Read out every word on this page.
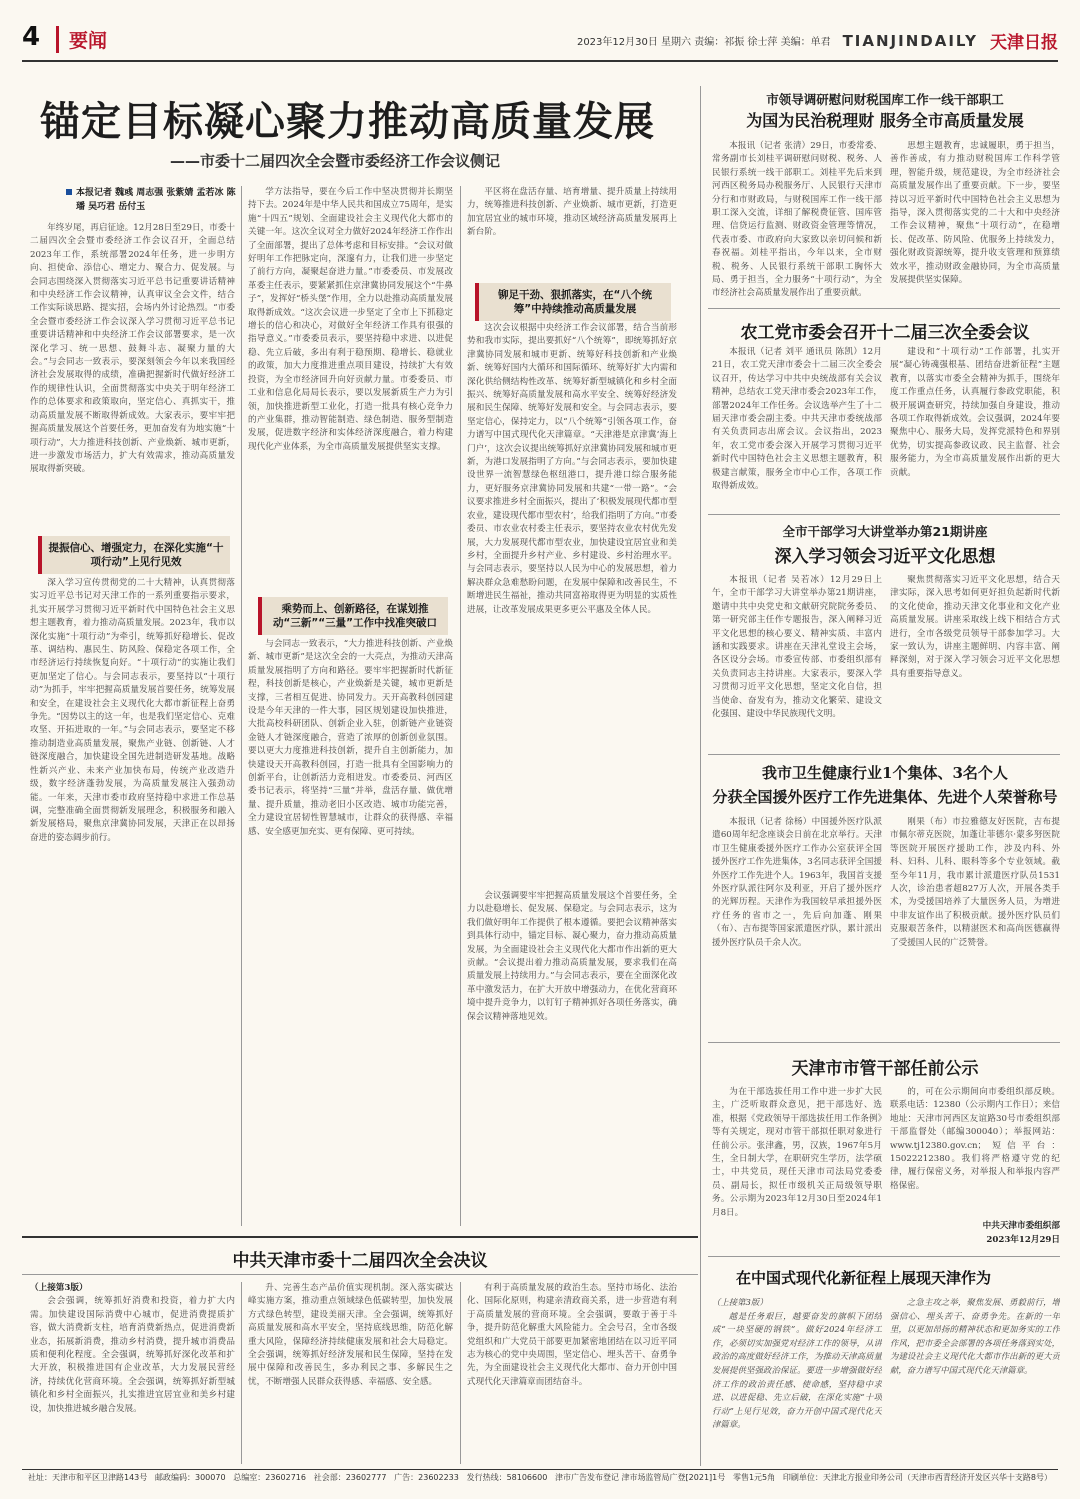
4	要闻	2023年12月30日 星期六 责编：祁振 徐士萍 美编：单君 TIANJINDAILY 天津日报
锚定目标凝心聚力推动高质量发展
——市委十二届四次全会暨市委经济工作会议侧记
本报记者 魏彧 周志强 张紫婧 孟若冰 陈璠 吴巧君 岳付玉

年终岁尾，再启征途。12月28日至29日，市委十二届四次全会暨市委经济工作会议召开，全面总结2023年工作，系统部署2024年任务，进一步明方向、担使命、添信心、增定力、聚合力、促发展。与会同志围绕深入贯彻落实习近平总书记重要讲话精神和中央经济工作会议精神，认真审议全会文件，结合工作实际谈思路、提实招，会场内外讨论热烈。“市委全会暨市委经济工作会议深入学习贯彻习近平总书记重要讲话精神和中央经济工作会议部署要求，是一次深化学习、统一思想、鼓舞斗志、凝聚力量的大会。”与会同志一致表示，要深刻领会今年以来我国经济社会发展取得的成绩，准确把握新时代做好经济工作的规律性认识，全面贯彻落实中央关于明年经济工作的总体要求和政策取向，坚定信心、真抓实干，推动高质量发展不断取得新成效。大家表示，要牢牢把握高质量发展这个首要任务，更加奋发有为地实施“十项行动”，大力推进科技创新、产业焕新、城市更新，进一步激发市场活力，扩大有效需求，推动高质量发展取得新突破。

提振信心、增强定力，在深化实施“十项行动”上见行见效

深入学习宣传贯彻党的二十大精神，认真贯彻落实习近平总书记对天津工作的一系列重要指示要求，扎实开展学习贯彻习近平新时代中国特色社会主义思想主题教育，着力推动高质量发展。2023年，我市以深化实施“十项行动”为牵引，统筹抓好稳增长、促改革、调结构、惠民生、防风险、保稳定各项工作，全市经济运行持续恢复向好。“十项行动”的实施让我们更加坚定了信心。与会同志表示，要坚持以“十项行动”为抓手，牢牢把握高质量发展首要任务，统筹发展和安全，在建设社会主义现代化大都市新征程上奋勇争先。“因势以主的这一年，也是我们坚定信心、克难攻坚、开拓进取的一年。”与会同志表示，要坚定不移推动制造业高质量发展，聚焦产业链、创新链、人才链深度融合，加快建设全国先进制造研发基地。战略性新兴产业、未来产业加快布局，传统产业改造升级，数字经济蓬勃发展，为高质量发展注入强劲动能。一年来，天津市委市政府坚持稳中求进工作总基调，完整准确全面贯彻新发展理念，积极服务和融入新发展格局，聚焦京津冀协同发展，天津正在以昂扬奋进的姿态阔步前行。

学方法指导，要在今后工作中坚决贯彻并长期坚持下去。2024年是中华人民共和国成立75周年，是实施“十四五”规划、全面建设社会主义现代化大都市的关键一年。这次全议对全力做好2024年经济工作作出了全面部署，提出了总体考虑和目标安排。“会议对做好明年工作把脉定向，深邃有力，让我们进一步坚定了前行方向，凝聚起奋进力量。”市委委员、市发展改革委主任表示，要紧紧抓住京津冀协同发展这个“牛鼻子”，发挥好“桥头堡”作用，全力以赴推动高质量发展取得新成效。“这次会议进一步坚定了全市上下抓稳定增长的信心和决心，对做好全年经济工作具有很强的指导意义。”市委委员表示，要坚持稳中求进、以进促稳、先立后破，多出有利于稳预期、稳增长、稳就业的政策，加大力度推进重点项目建设，持续扩大有效投资，为全市经济回升向好贡献力量。市委委员、市工业和信息化局局长表示，要以发展新质生产力为引领，加快推进新型工业化，打造一批具有核心竞争力的产业集群，推动智能制造、绿色制造、服务型制造发展，促进数字经济和实体经济深度融合，着力构建现代化产业体系，为全市高质量发展提供坚实支撑。

乘势而上、创新路径，在谋划推动“三新”“三量”工作中找准突破口

与会同志一致表示，“大力推进科技创新、产业焕新、城市更新”是这次全会的一大亮点，为推动天津高质量发展指明了方向和路径。要牢牢把握新时代新征程，科技创新是核心，产业焕新是关键，城市更新是支撑，三者相互促进、协同发力。天开高教科创园建设是今年天津的一件大事，园区规划建设加快推进，大批高校科研团队、创新企业入驻，创新链产业链资金链人才链深度融合，营造了浓厚的创新创业氛围。要以更大力度推进科技创新，提升自主创新能力，加快建设天开高教科创园，打造一批具有全国影响力的创新平台，让创新活力竞相迸发。市委委员、河西区委书记表示，将坚持“三量”并举，盘活存量、做优增量、提升质量，推动老旧小区改造、城市功能完善，全力建设宜居韧性智慧城市，让群众的获得感、幸福感、安全感更加充实、更有保障、更可持续。

平区将在盘活存量、培育增量、提升质量上持续用力，统筹推进科技创新、产业焕新、城市更新，打造更加宜居宜业的城市环境，推动区域经济高质量发展再上新台阶。

铆足干劲、狠抓落实，在“八个统筹”中持续推动高质量发展

这次会议根据中央经济工作会议部署，结合当前形势和我市实际，提出要抓好“八个统筹”，即统筹抓好京津冀协同发展和城市更新、统筹好科技创新和产业焕新、统筹好国内大循环和国际循环、统筹好扩大内需和深化供给侧结构性改革、统筹好新型城镇化和乡村全面振兴、统筹好高质量发展和高水平安全、统筹好经济发展和民生保障、统筹好发展和安全。与会同志表示，要坚定信心，保持定力，以“八个统筹”引领各项工作，奋力谱写中国式现代化天津篇章。“天津港是京津冀‘海上门户’，这次会议提出统筹抓好京津冀协同发展和城市更新，为港口发展指明了方向。”与会同志表示，要加快建设世界一流智慧绿色枢纽港口，提升港口综合服务能力，更好服务京津冀协同发展和共建“一带一路”。“会议要求推进乡村全面振兴，提出了‘积极发展现代都市型农业，建设现代都市型农村’，给我们指明了方向。”市委委员、市农业农村委主任表示，要坚持农业农村优先发展，大力发展现代都市型农业，加快建设宜居宜业和美乡村，全面提升乡村产业、乡村建设、乡村治理水平。与会同志表示，要坚持以人民为中心的发展思想，着力解决群众急难愁盼问题，在发展中保障和改善民生，不断增进民生福祉，推动共同富裕取得更为明显的实质性进展，让改革发展成果更多更公平惠及全体人民。

会议强调要牢牢把握高质量发展这个首要任务，全力以赴稳增长、促发展、保稳定。与会同志表示，这为我们做好明年工作提供了根本遵循。要把会议精神落实到具体行动中，锚定目标、凝心聚力，奋力推动高质量发展，为全面建设社会主义现代化大都市作出新的更大贡献。“会议提出着力推动高质量发展，要求我们在高质量发展上持续用力。”与会同志表示，要在全面深化改革中激发活力，在扩大开放中增强动力，在优化营商环境中提升竞争力，以钉钉子精神抓好各项任务落实，确保会议精神落地见效。

市领导调研慰问财税国库工作一线干部职工
为国为民治税理财 服务全市高质量发展

本报讯（记者 张清）29日，市委常委、常务副市长刘桂平调研慰问财税、税务、人民银行系统一线干部职工。刘桂平先后来到河西区税务局办税服务厅、人民银行天津市分行和市财政局，与财税国库工作一线干部职工深入交流，详细了解税费征管、国库管理、信贷运行监测、财政资金管理等情况，代表市委、市政府向大家致以亲切问候和新春祝福。刘桂平指出，今年以来，全市财税、税务、人民银行系统干部职工胸怀大局、勇于担当，全力服务“十项行动”，为全市经济社会高质量发展作出了重要贡献。

思想主题教育，忠诚履职，勇于担当，善作善成，有力推动财税国库工作科学管理，智能升级，规范建设，为全市经济社会高质量发展作出了重要贡献。下一步，要坚持以习近平新时代中国特色社会主义思想为指导，深入贯彻落实党的二十大和中央经济工作会议精神，聚焦“十项行动”，在稳增长、促改革、防风险、优服务上持续发力，强化财政资源统筹，提升收支管理和预算绩效水平，推动财政金融协同，为全市高质量发展提供坚实保障。

农工党市委会召开十二届三次全委会议

本报讯（记者 刘平 通讯员 陈凯）12月21日，农工党天津市委会十二届三次全委会议召开，传达学习中共中央统战部有关会议精神，总结农工党天津市委会2023年工作，部署2024年工作任务。会议选举产生了十二届天津市委会副主委。中共天津市委统战部有关负责同志出席会议。会议指出，2023年，农工党市委会深入开展学习贯彻习近平新时代中国特色社会主义思想主题教育，积极建言献策，服务全市中心工作，各项工作取得新成效。

建设和“十项行动”工作部署，扎实开展“凝心铸魂强根基、团结奋进新征程”主题教育，以落实市委全会精神为抓手，围绕年度工作重点任务，认真履行参政党职能，积极开展调查研究，持续加强自身建设，推动各项工作取得新成效。会议强调，2024年要聚焦中心、服务大局，发挥党派特色和界别优势，切实提高参政议政、民主监督、社会服务能力，为全市高质量发展作出新的更大贡献。

全市干部学习大讲堂举办第21期讲座
深入学习领会习近平文化思想

本报讯（记者 吴若冰）12月29日上午，全市干部学习大讲堂举办第21期讲座，邀请中共中央党史和文献研究院院务委员、第一研究部主任作专题报告，深入阐释习近平文化思想的核心要义、精神实质、丰富内涵和实践要求。讲座在天津礼堂设主会场，各区设分会场。市委宣传部、市委组织部有关负责同志主持讲座。大家表示，要深入学习贯彻习近平文化思想，坚定文化自信，担当使命、奋发有为，推动文化繁荣、建设文化强国、建设中华民族现代文明。

聚焦贯彻落实习近平文化思想，结合天津实际，深入思考如何更好担负起新时代新的文化使命，推动天津文化事业和文化产业高质量发展。讲座采取线上线下相结合方式进行，全市各级党员领导干部参加学习。大家一致认为，讲座主题鲜明、内容丰富、阐释深刻，对于深入学习领会习近平文化思想具有重要指导意义。

我市卫生健康行业1个集体、3名个人
分获全国援外医疗工作先进集体、先进个人荣誉称号

本报讯（记者 徐杨）中国援外医疗队派遣60周年纪念座谈会日前在北京举行。天津市卫生健康委援外医疗工作办公室获评全国援外医疗工作先进集体，3名同志获评全国援外医疗工作先进个人。1963年，我国首支援外医疗队派往阿尔及利亚，开启了援外医疗的光辉历程。天津作为我国较早承担援外医疗任务的省市之一，先后向加蓬、刚果（布）、吉布提等国家派遣医疗队，累计派出援外医疗队员千余人次。

刚果（布）市拉雅德友好医院，吉布提市佩尔蒂克医院，加蓬让菲德尔·蒙多努医院等医院开展医疗援助工作，涉及内科、外科、妇科、儿科、眼科等多个专业领域。截至今年11月，我市累计派遣医疗队员1531人次，诊治患者超827万人次，开展各类手术，为受援国培养了大量医务人员，为增进中非友谊作出了积极贡献。援外医疗队员们克服艰苦条件，以精湛医术和高尚医德赢得了受援国人民的广泛赞誉。

天津市市管干部任前公示

为在干部选拔任用工作中进一步扩大民主，广泛听取群众意见，把干部选好、选准，根据《党政领导干部选拔任用工作条例》等有关规定，现对市管干部拟任职对象进行任前公示。张津鑫，男，汉族，1967年5月生，全日制大学，在职研究生学历，法学硕士，中共党员，现任天津市司法局党委委员、副局长，拟任市级机关正局级领导职务。公示期为2023年12月30日至2024年1月8日。

的，可在公示期间向市委组织部反映。联系电话：12380（公示期内工作日）；来信地址：天津市河西区友谊路30号市委组织部干部监督处（邮编300040）；举报网站：www.tj12380.gov.cn；短信平台：15022212380。我们将严格遵守党的纪律，履行保密义务，对举报人和举报内容严格保密。

中共天津市委组织部
2023年12月29日
在中国式现代化新征程上展现天津作为
（上接第3版）

越是任务艰巨，越要奋发的旗帜下团结成“一块坚硬的钢铁”。做好2024年经济工作，必须切实加强党对经济工作的领导，从讲政治的高度做好经济工作，为推动天津高质量发展提供坚强政治保证。要进一步增强做好经济工作的政治责任感、使命感，坚持稳中求进、以进促稳、先立后破，在深化实施“十项行动”上见行见效，奋力开创中国式现代化天津篇章。

之急主攻之举，聚焦发展、勇毅前行，增强信心、埋头苦干、奋勇争先。在新的一年里，以更加昂扬的精神状态和更加务实的工作作风，把市委全会部署的各项任务落到实处，为建设社会主义现代化大都市作出新的更大贡献，奋力谱写中国式现代化天津篇章。

中共天津市委十二届四次全会决议
（上接第3版）

会会强调，统筹抓好消费和投资，着力扩大内需。加快建设国际消费中心城市，促进消费提质扩容，做大消费新支柱，培育消费新热点，促进消费新业态，拓展新消费，推动乡村消费，提升城市消费品质和便利化程度。全会强调，统筹抓好深化改革和扩大开放，积极推进国有企业改革，大力发展民营经济，持续优化营商环境。全会强调，统筹抓好新型城镇化和乡村全面振兴，扎实推进宜居宜业和美乡村建设，加快推进城乡融合发展。

升、完善生态产品价值实现机制。深入落实碳达峰实施方案，推动重点领域绿色低碳转型，加快发展方式绿色转型，建设美丽天津。全会强调，统筹抓好高质量发展和高水平安全，坚持底线思维，防范化解重大风险，保障经济持续健康发展和社会大局稳定。全会强调，统筹抓好经济发展和民生保障，坚持在发展中保障和改善民生，多办利民之事、多解民生之忧，不断增强人民群众获得感、幸福感、安全感。

有利于高质量发展的政治生态。坚持市场化、法治化、国际化原则，构建亲清政商关系，进一步营造有利于高质量发展的营商环境。全会强调，要敢于善于斗争，提升防范化解重大风险能力。全会号召，全市各级党组织和广大党员干部要更加紧密地团结在以习近平同志为核心的党中央周围，坚定信心、埋头苦干、奋勇争先，为全面建设社会主义现代化大都市、奋力开创中国式现代化天津篇章而团结奋斗。

社址：天津市和平区卫津路143号 邮政编码：300070 总编室：23602716 社会部：23602777 广告：23602233 发行热线：58106600 津市广告发布登记 津市场监管局广登[2021]1号 零售1元5角 印刷单位：天津北方报业印务公司（天津市西青经济开发区兴华十支路8号）
